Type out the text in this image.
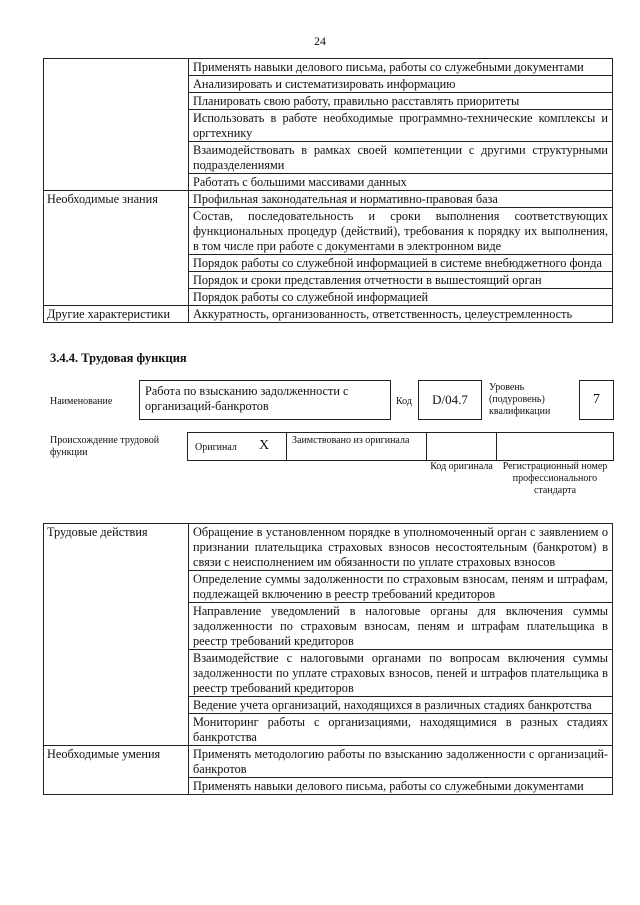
24
	Применять навыки делового письма, работы со служебными документами
	Анализировать и систематизировать информацию
	Планировать свою работу, правильно расставлять приоритеты
	Использовать в работе необходимые программно-технические комплексы и оргтехнику
	Взаимодействовать в рамках своей компетенции с другими структурными подразделениями
	Работать с большими массивами данных
Необходимые знания	Профильная законодательная и нормативно-правовая база
	Состав, последовательность и сроки выполнения соответствующих функциональных процедур (действий), требования к порядку их выполнения, в том числе при работе с документами в электронном виде
	Порядок работы со служебной информацией в системе внебюджетного фонда
	Порядок и сроки представления отчетности в вышестоящий орган
	Порядок работы со служебной информацией
Другие характеристики	Аккуратность, организованность, ответственность, целеустремленность
3.4.4. Трудовая функция
Наименование
Работа по взысканию задолженности с организаций-банкротов	Код	D/04.7
Уровень (подуровень) квалификации
7
Происхождение трудовой функции	Оригинал X	Заимствовано из оригинала
Код оригинала Регистрационный номер профессионального стандарта
Трудовые действия	Обращение в установленном порядке в уполномоченный орган с заявлением о признании плательщика страховых взносов несостоятельным (банкротом) в связи с неисполнением им обязанности по уплате страховых взносов
	Определение суммы задолженности по страховым взносам, пеням и штрафам, подлежащей включению в реестр требований кредиторов
	Направление уведомлений в налоговые органы для включения суммы задолженности по страховым взносам, пеням и штрафам плательщика в реестр требований кредиторов
	Взаимодействие с налоговыми органами по вопросам включения суммы задолженности по уплате страховых взносов, пеней и штрафов плательщика в реестр требований кредиторов
	Ведение учета организаций, находящихся в различных стадиях банкротства
	Мониторинг работы с организациями, находящимися в разных стадиях банкротства
Необходимые умения	Применять методологию работы по взысканию задолженности с организаций-банкротов
	Применять навыки делового письма, работы со служебными документами
